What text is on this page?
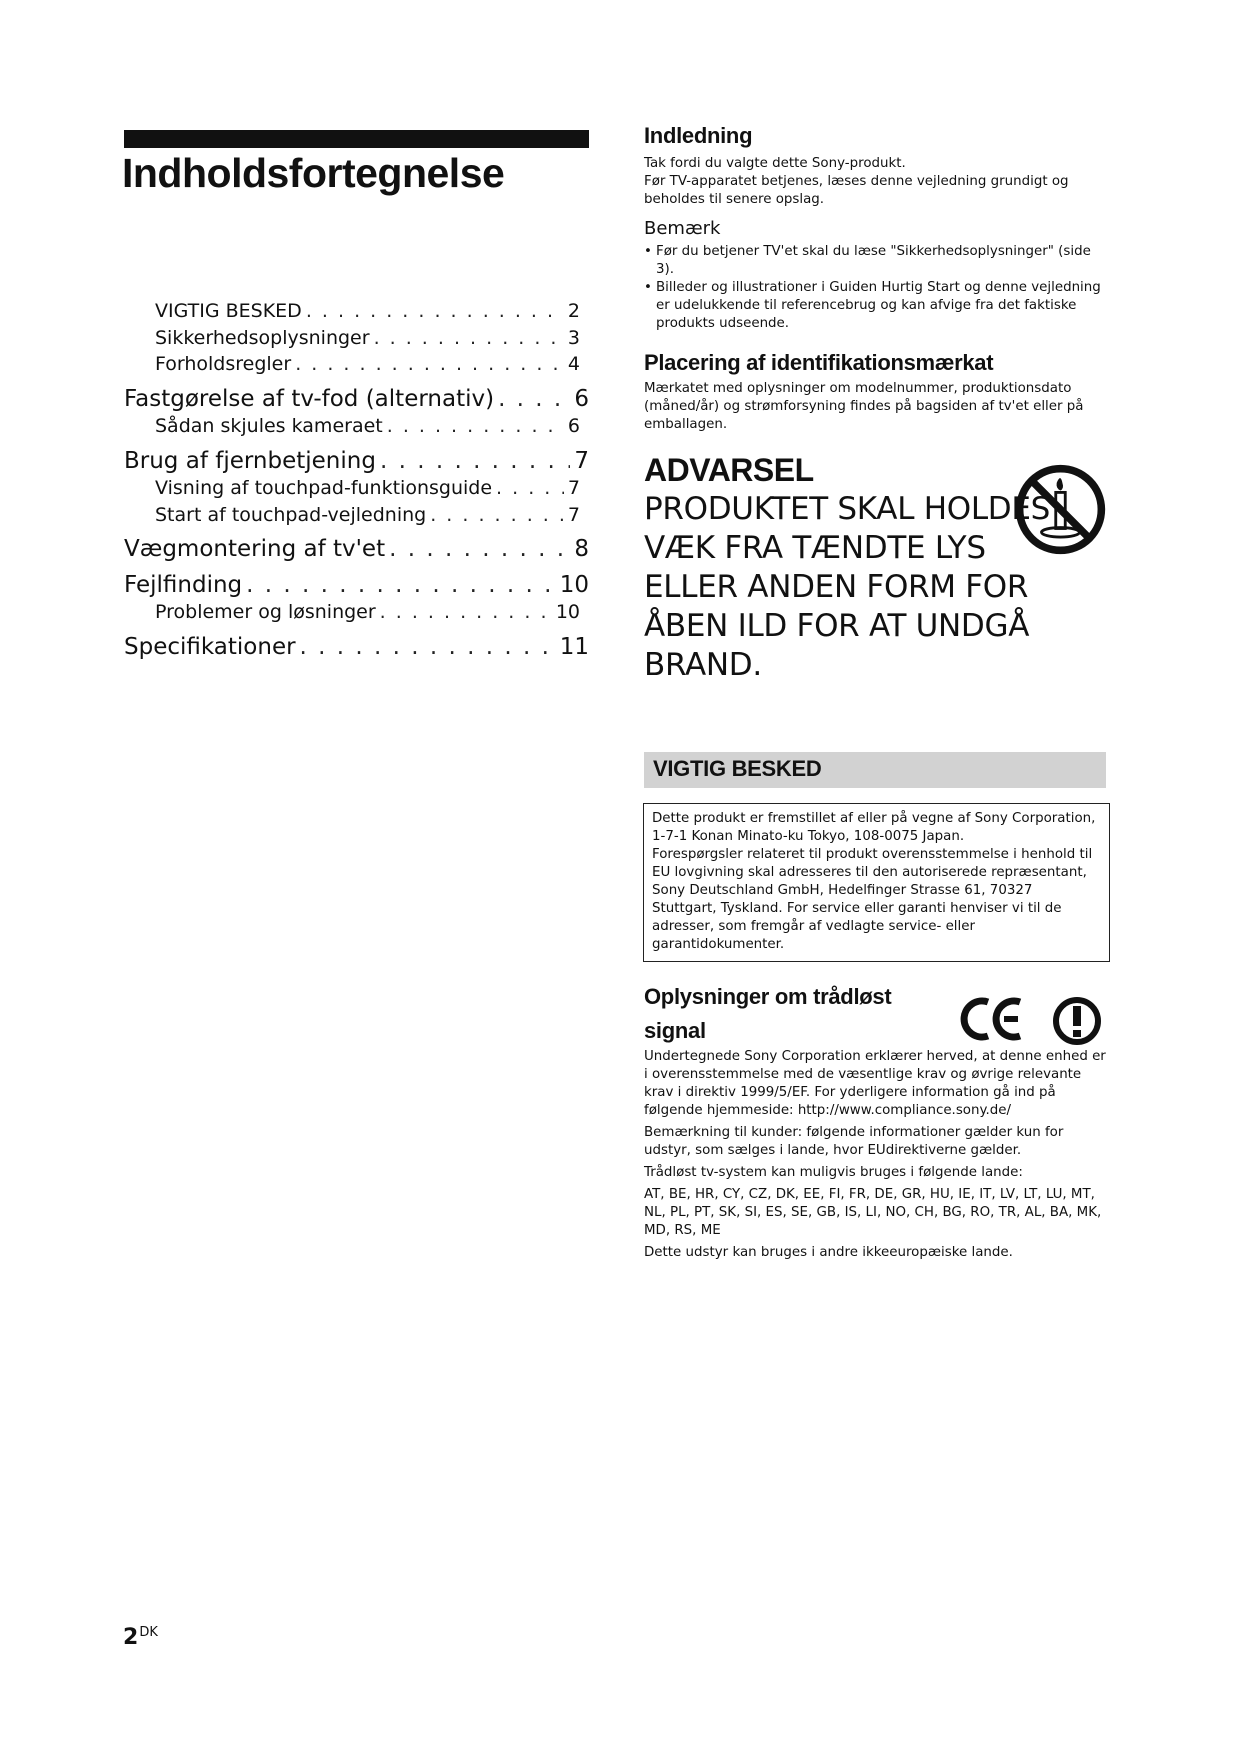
Indholdsfortegnelse
VIGTIG BESKED . . .	2
Sikkerhedsoplysninger . . .	3
Forholdsregler . . .	4
Fastgørelse af tv-fod (alternativ) . . .	6
Sådan skjules kameraet . . .	6
Brug af fjernbetjening . . .	7
Visning af touchpad-funktionsguide . . .	7
Start af touchpad-vejledning . . .	7
Vægmontering af tv'et . . .	8
Fejlfinding . . .	10
Problemer og løsninger . . .	10
Specifikationer . . .	11
Indledning

Tak fordi du valgte dette Sony-produkt.

Før TV-apparatet betjenes, læses denne vejledning grundigt og beholdes til senere opslag.

Bemærk

• Før du betjener TV'et skal du læse "Sikkerhedsoplysninger" (side 3).

• Billeder og illustrationer i Guiden Hurtig Start og denne vejledning er udelukkende til referencebrug og kan afvige fra det faktiske produkts udseende.

Placering af identifikationsmærkat
Mærkatet med oplysninger om modelnummer, produktionsdato (måned/år) og strømforsyning findes på bagsiden af tv'et eller på emballagen.
ADVARSEL
PRODUKTET SKAL HOLDES VÆK FRA TÆNDTE LYS ELLER ANDEN FORM FOR ÅBEN ILD FOR AT UNDGÅ BRAND.
VIGTIG BESKED

Dette produkt er fremstillet af eller på vegne af Sony Corporation, 1-7-1 Konan Minato-ku Tokyo, 108-0075 Japan.

Forespørgsler relateret til produkt overensstemmelse i henhold til EU lovgivning skal adresseres til den autoriserede repræsentant, Sony Deutschland GmbH, Hedelfinger Strasse 61, 70327 Stuttgart, Tyskland. For service eller garanti henviser vi til de adresser, som fremgår af vedlagte service- eller garantidokumenter.

Oplysninger om trådløst signal

Undertegnede Sony Corporation erklærer herved, at denne enhed er i overensstemmelse med de væsentlige krav og øvrige relevante krav i direktiv 1999/5/EF. For yderligere information gå ind på følgende hjemmeside: http://www.compliance.sony.de/

Bemærkning til kunder: følgende informationer gælder kun for udstyr, som sælges i lande, hvor EUdirektiverne gælder.

Trådløst tv-system kan muligvis bruges i følgende lande:

AT, BE, HR, CY, CZ, DK, EE, FI, FR, DE, GR, HU, IE, IT, LV, LT, LU, MT, NL, PL, PT, SK, SI, ES, SE, GB, IS, LI, NO, CH, BG, RO, TR, AL, BA, MK, MD, RS, ME

Dette udstyr kan bruges i andre ikkeeuropæiske lande.

$2^{DK}$
